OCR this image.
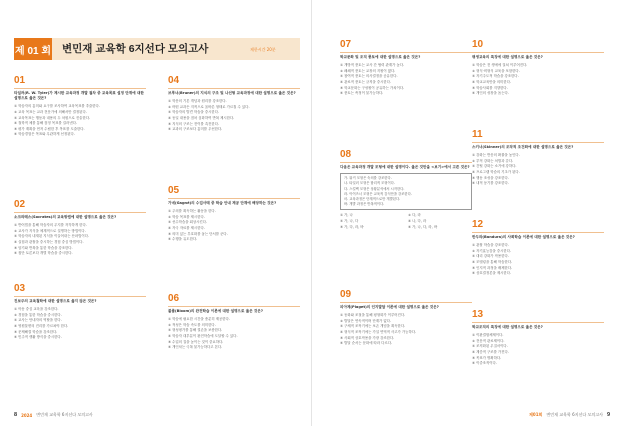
제 01 회 변민재 교육학 6지선다 모의고사	제한시간 20분
01
타일러(R. W. Tyler)가 제시한 교육과정 개발 절차 중 교육목표 설정 단계에 대한 설명으로 옳은 것은?
① 학습자의 흥미와 요구를 조사하여 교육목표를 추출한다.
② 교육 목표는 교과 전문가에 의해서만 결정된다.
③ 교육목표는 행동과 내용의 두 차원으로 진술한다.
④ 철학적 체를 통해 잠정 목표를 걸러낸다.
⑤ 평가 계획을 먼저 수립한 후 목표를 도출한다.
⑥ 학습경험은 목표와 무관하게 선정된다.
02
소크라테스(Socrates)의 교육방법에 대한 설명으로 옳은 것은?
① 반어법을 통해 학습자의 무지를 자각하게 한다.
② 교사가 지식을 체계적으로 설명하는 방법이다.
③ 학습자의 내재된 지식을 이끌어내는 산파법이다.
④ 실험과 관찰을 중시하는 경험 중심 방법이다.
⑤ 암기와 반복을 통한 학습을 강조한다.
⑥ 집단 토론보다 개별 학습을 중시한다.
03
진보주의 교육철학에 대한 설명으로 옳지 않은 것은?
① 아동 중심 교육을 강조한다.
② 경험을 통한 학습을 중시한다.
③ 교사는 안내자의 역할을 한다.
④ 영원불변의 진리를 가르쳐야 한다.
⑤ 문제해결 학습을 강조한다.
⑥ 민주적 생활 방식을 중시한다.
04
브루너(Bruner)의 지식의 구조 및 나선형 교육과정에 대한 설명으로 옳은 것은?
① 학문의 기본 개념과 원리를 강조한다.
② 어떤 교과든 지적으로 올바른 형태로 가르칠 수 있다.
③ 학습자의 발견 학습을 중시한다.
④ 동일 내용을 점차 심화하여 반복 제시한다.
⑤ 지식의 구조는 전이를 촉진한다.
⑥ 교과의 구조보다 흥미를 우선한다.
05
가네(Gagné)의 수업사태 중 학습 안내 제공 단계에 해당하는 것은?
① 주의를 획득하는 활동을 한다.
② 학습 목표를 제시한다.
③ 선수학습을 회상시킨다.
④ 자극 자료를 제시한다.
⑤ 의미 있는 부호화를 돕는 단서를 준다.
⑥ 수행을 유도한다.
06
블룸(Bloom)의 완전학습 이론에 대한 설명으로 옳은 것은?
① 학습에 필요한 시간을 충분히 제공한다.
② 적성은 학습 속도를 의미한다.
③ 형성평가를 통해 결손을 보충한다.
④ 학습자 대부분이 완전학습에 도달할 수 있다.
⑤ 수업의 질을 높이는 것이 중요하다.
⑥ 개인차는 극복 불가능하다고 본다.
8 2024 변민재 교육학 6지선다 모의고사
07
학교문화 및 조직 풍토에 대한 설명으로 옳은 것은?
① 개방적 풍토는 교사 간 협력 관계가 높다.
② 폐쇄적 풍토는 교장의 지원이 많다.
③ 참여적 풍토는 의사결정을 공유한다.
④ 관료적 풍토는 규칙을 중시한다.
⑤ 학교문화는 구성원이 공유하는 가치이다.
⑥ 풍토는 측정이 불가능하다.
08
다음은 교육과정 개발 모형에 대한 설명이다. 옳은 것만을 <보기>에서 고른 것은?
가. 워커 모형은 숙의를 강조한다.
나. 타일러 모형은 합리적 모형이다.
다. 스킬벡 모형은 상황분석에서 시작한다.
라. 아이즈너 모형은 교육적 감식안을 강조한다.
마. 교육과정은 단계적으로만 개발된다.
바. 개발 과정은 반복적이다.
① 가, 나	② 다, 라
③ 가, 나, 다	④ 나, 다, 라
⑤ 가, 다, 라, 바	⑥ 가, 나, 다, 라, 바
09
피아제(Piaget)의 인지발달 이론에 대한 설명으로 옳은 것은?
① 동화와 조절을 통해 평형화가 이루어진다.
② 발달은 연속적이며 단계가 없다.
③ 구체적 조작기에는 보존 개념을 획득한다.
④ 형식적 조작기에는 가설 연역적 사고가 가능하다.
⑤ 사회적 상호작용을 가장 강조한다.
⑥ 발달 순서는 문화에 따라 다르다.
10
평생교육의 특징에 대한 설명으로 옳은 것은?
① 학습은 전 생애에 걸쳐 이루어진다.
② 형식·비형식 교육을 포함한다.
③ 자기주도적 학습을 강조한다.
④ 학교교육만을 의미한다.
⑤ 학습사회를 지향한다.
⑥ 개인의 성장을 돕는다.
11
스키너(Skinner)의 조작적 조건화에 대한 설명으로 옳은 것은?
① 강화는 반응의 확률을 높인다.
② 부적 강화는 처벌과 같다.
③ 간헐 강화는 소거에 강하다.
④ 프로그램 학습의 기초가 된다.
⑤ 행동 조성을 강조한다.
⑥ 내적 동기를 강조한다.
12
반두라(Bandura)의 사회학습 이론에 대한 설명으로 옳은 것은?
① 관찰 학습을 강조한다.
② 자기효능감을 중시한다.
③ 대리 강화가 작용한다.
④ 모델링을 통해 학습한다.
⑤ 인지적 과정을 배제한다.
⑥ 상호결정론을 제시한다.
13
학교조직의 특징에 대한 설명으로 옳은 것은?
① 이완결합체제이다.
② 전문적 관료제이다.
③ 조직화된 무질서이다.
④ 계층적 구조를 가진다.
⑤ 목표가 명확하다.
⑥ 이중조직이다.
제01회 변민재 교육학 6지선다 모의고사 9
